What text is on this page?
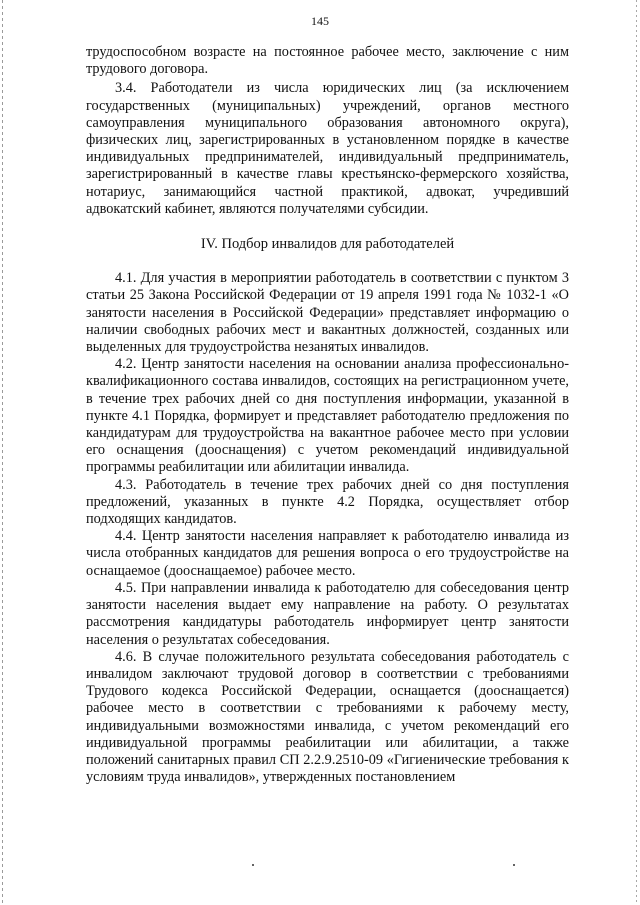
145

трудоспособном возрасте на постоянное рабочее место, заключение с ним трудового договора.

3.4. Работодатели из числа юридических лиц (за исключением государственных (муниципальных) учреждений, органов местного самоуправления муниципального образования автономного округа), физических лиц, зарегистрированных в установленном порядке в качестве индивидуальных предпринимателей, индивидуальный предприниматель, зарегистрированный в качестве главы крестьянско-фермерского хозяйства, нотариус, занимающийся частной практикой, адвокат, учредивший адвокатский кабинет, являются получателями субсидии.

IV. Подбор инвалидов для работодателей

4.1. Для участия в мероприятии работодатель в соответствии с пунктом 3 статьи 25 Закона Российской Федерации от 19 апреля 1991 года № 1032-1 «О занятости населения в Российской Федерации» представляет информацию о наличии свободных рабочих мест и вакантных должностей, созданных или выделенных для трудоустройства незанятых инвалидов.

4.2. Центр занятости населения на основании анализа профессионально-квалификационного состава инвалидов, состоящих на регистрационном учете, в течение трех рабочих дней со дня поступления информации, указанной в пункте 4.1 Порядка, формирует и представляет работодателю предложения по кандидатурам для трудоустройства на вакантное рабочее место при условии его оснащения (дооснащения) с учетом рекомендаций индивидуальной программы реабилитации или абилитации инвалида.

4.3. Работодатель в течение трех рабочих дней со дня поступления предложений, указанных в пункте 4.2 Порядка, осуществляет отбор подходящих кандидатов.

4.4. Центр занятости населения направляет к работодателю инвалида из числа отобранных кандидатов для решения вопроса о его трудоустройстве на оснащаемое (дооснащаемое) рабочее место.

4.5. При направлении инвалида к работодателю для собеседования центр занятости населения выдает ему направление на работу. О результатах рассмотрения кандидатуры работодатель информирует центр занятости населения о результатах собеседования.

4.6. В случае положительного результата собеседования работодатель с инвалидом заключают трудовой договор в соответствии с требованиями Трудового кодекса Российской Федерации, оснащается (дооснащается) рабочее место в соответствии с требованиями к рабочему месту, индивидуальными возможностями инвалида, с учетом рекомендаций его индивидуальной программы реабилитации или абилитации, а также положений санитарных правил СП 2.2.9.2510-09 «Гигиенические требования к условиям труда инвалидов», утвержденных постановлением
